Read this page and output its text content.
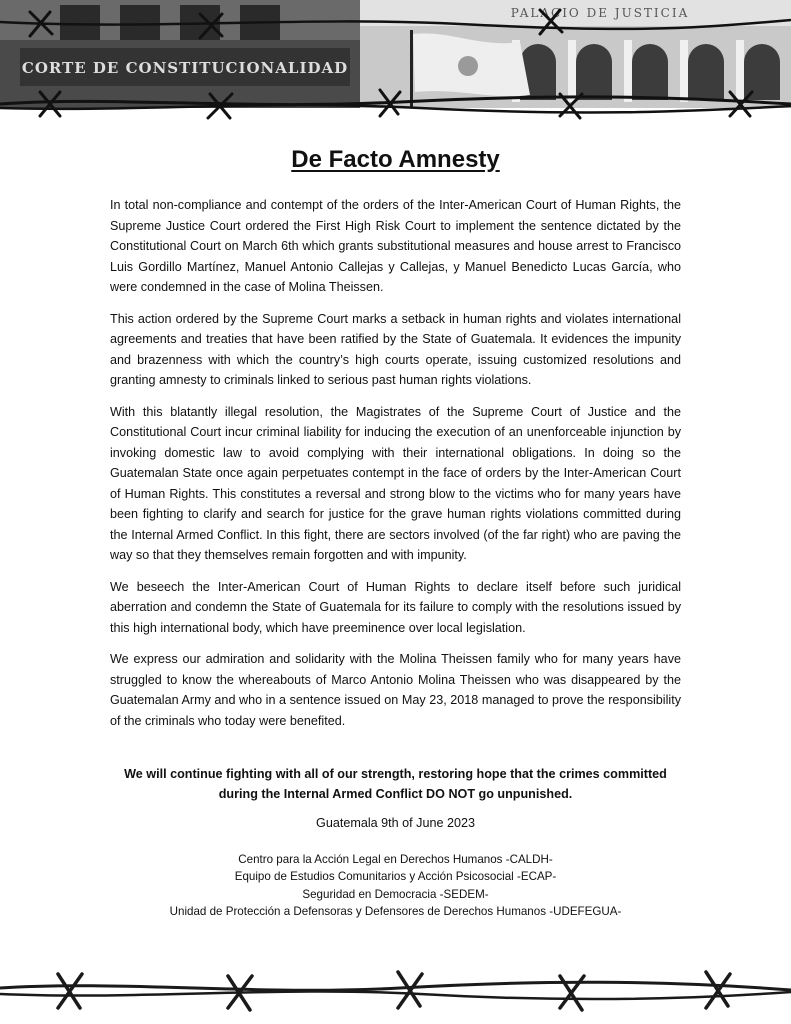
CORTE DE CONSTITUCIONALIDAD
PALACIO DE JUSTICIA
De Facto Amnesty

In total non-compliance and contempt of the orders of the Inter-American Court of Human Rights, the Supreme Justice Court ordered the First High Risk Court to implement the sentence dictated by the Constitutional Court on March 6th which grants substitutional measures and house arrest to Francisco Luis Gordillo Martínez, Manuel Antonio Callejas y Callejas, y Manuel Benedicto Lucas García, who were condemned in the case of Molina Theissen.

This action ordered by the Supreme Court marks a setback in human rights and violates international agreements and treaties that have been ratified by the State of Guatemala. It evidences the impunity and brazenness with which the country’s high courts operate, issuing customized resolutions and granting amnesty to criminals linked to serious past human rights violations.

With this blatantly illegal resolution, the Magistrates of the Supreme Court of Justice and the Constitutional Court incur criminal liability for inducing the execution of an unenforceable injunction by invoking domestic law to avoid complying with their international obligations. In doing so the Guatemalan State once again perpetuates contempt in the face of orders by the Inter-American Court of Human Rights. This constitutes a reversal and strong blow to the victims who for many years have been fighting to clarify and search for justice for the grave human rights violations committed during the Internal Armed Conflict. In this fight, there are sectors involved (of the far right) who are paving the way so that they themselves remain forgotten and with impunity.

We beseech the Inter-American Court of Human Rights to declare itself before such juridical aberration and condemn the State of Guatemala for its failure to comply with the resolutions issued by this high international body, which have preeminence over local legislation.

We express our admiration and solidarity with the Molina Theissen family who for many years have struggled to know the whereabouts of Marco Antonio Molina Theissen who was disappeared by the Guatemalan Army and who in a sentence issued on May 23, 2018 managed to prove the responsibility of the criminals who today were benefited.

We will continue fighting with all of our strength, restoring hope that the crimes committed
during the Internal Armed Conflict DO NOT go unpunished.
Guatemala 9th of June 2023
Centro para la Acción Legal en Derechos Humanos -CALDH-
Equipo de Estudios Comunitarios y Acción Psicosocial -ECAP-
Seguridad en Democracia -SEDEM-
Unidad de Protección a Defensoras y Defensores de Derechos Humanos -UDEFEGUA-
